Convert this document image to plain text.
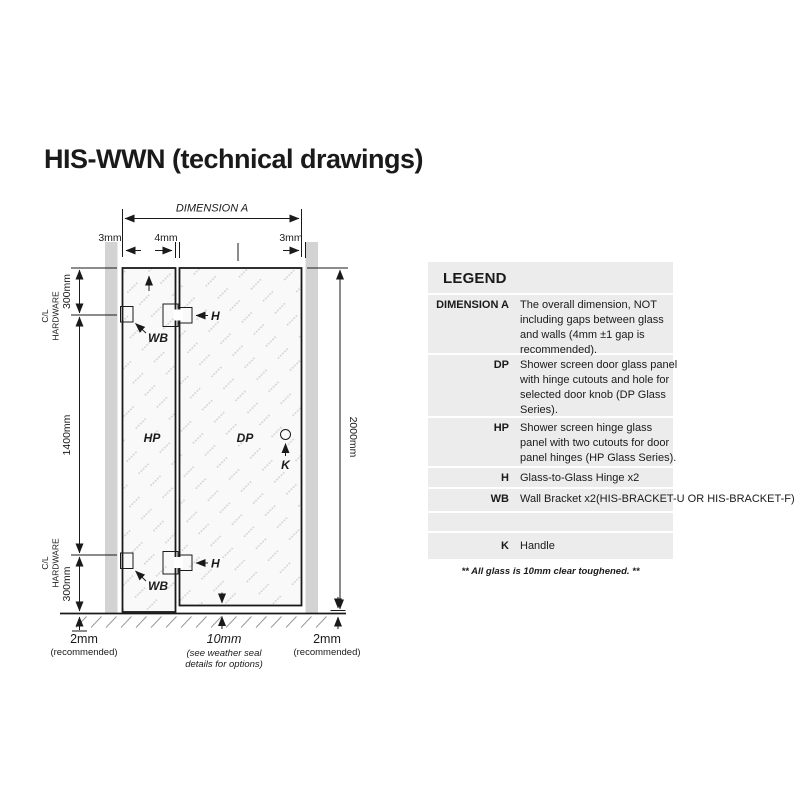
HIS-WWN (technical drawings)
DIMENSION A
3mm	4mm	3mm
300mm
C/L HARDWARE
1400mm
C/L HARDWARE 300mm
2000mm
WB
H
WB
H
HP	DP
K
2mm
(recommended)
10mm
(see weather seal
details for options)
2mm
(recommended)
LEGEND
DIMENSION A The overall dimension, NOT including gaps between glass and walls (4mm ±1 gap is recommended).
DP Shower screen door glass panel with hinge cutouts and hole for selected door knob (DP Glass Series).
HP Shower screen hinge glass panel with two cutouts for door panel hinges (HP Glass Series).
H Glass-to-Glass Hinge x2
WB Wall Bracket x2(HIS-BRACKET-U OR HIS-BRACKET-F)
K Handle
** All glass is 10mm clear toughened. **
